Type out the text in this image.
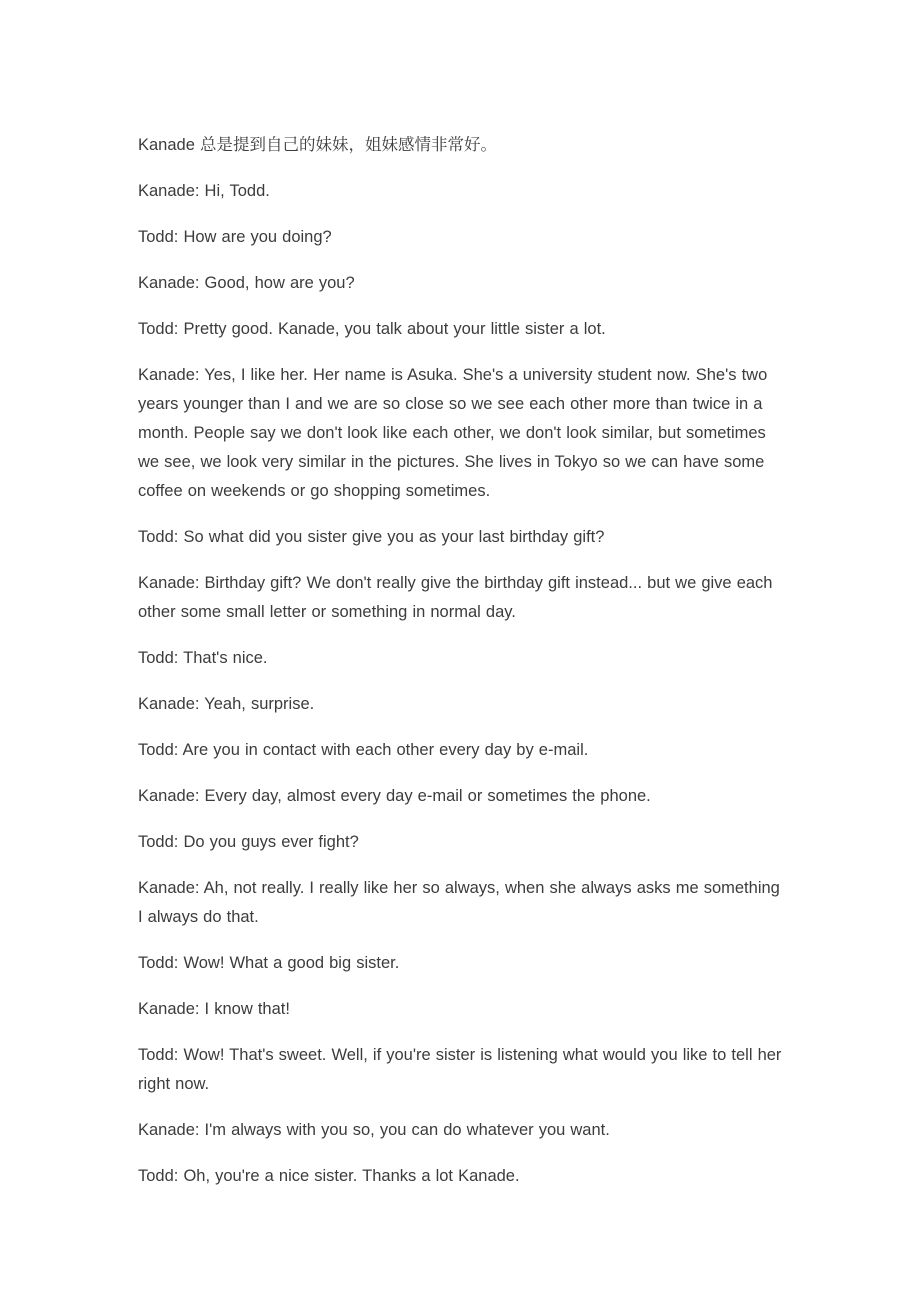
Kanade 总是提到自己的妹妹，姐妹感情非常好。

Kanade: Hi, Todd.

Todd: How are you doing?

Kanade: Good, how are you?

Todd: Pretty good. Kanade, you talk about your little sister a lot.

Kanade: Yes, I like her. Her name is Asuka. She's a university student now. She's two years younger than I and we are so close so we see each other more than twice in a month. People say we don't look like each other, we don't look similar, but sometimes we see, we look very similar in the pictures. She lives in Tokyo so we can have some coffee on weekends or go shopping sometimes.

Todd: So what did you sister give you as your last birthday gift?

Kanade: Birthday gift? We don't really give the birthday gift instead... but we give each other some small letter or something in normal day.

Todd: That's nice.

Kanade: Yeah, surprise.

Todd: Are you in contact with each other every day by e-mail.

Kanade: Every day, almost every day e-mail or sometimes the phone.

Todd: Do you guys ever fight?

Kanade: Ah, not really. I really like her so always, when she always asks me something I always do that.

Todd: Wow! What a good big sister.

Kanade: I know that!

Todd: Wow! That's sweet. Well, if you're sister is listening what would you like to tell her right now.

Kanade: I'm always with you so, you can do whatever you want.

Todd: Oh, you're a nice sister. Thanks a lot Kanade.
